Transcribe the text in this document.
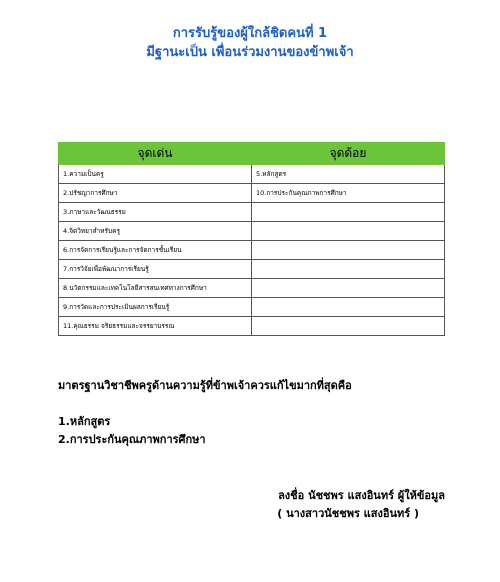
การรับรู้ของผู้ใกล้ชิดคนที่ 1
มีฐานะเป็น เพื่อนร่วมงานของข้าพเจ้า
จุดเด่น	จุดด้อย
1.ความเป็นครู	5.หลักสูตร
2.ปรัชญาการศึกษา	10.การประกันคุณภาพการศึกษา
3.ภาษาและวัฒนธรรม	
4.จิตวิทยาสำหรับครู	
6.การจัดการเรียนรู้และการจัดการชั้นเรียน	
7.การวิจัยเพื่อพัฒนาการเรียนรู้	
8.นวัตกรรมและเทคโนโลยีสารสนเทศทางการศึกษา	
9.การวัดและการประเมินผลการเรียนรู้	
11.คุณธรรม จริยธรรมและจรรยาบรรณ	
มาตรฐานวิชาชีพครูด้านความรู้ที่ข้าพเจ้าควรแก้ไขมากที่สุดคือ
1.หลักสูตร
2.การประกันคุณภาพการศึกษา
ลงชื่อ นัชชพร แสงอินทร์ ผู้ให้ข้อมูล
( นางสาวนัชชพร แสงอินทร์ )
